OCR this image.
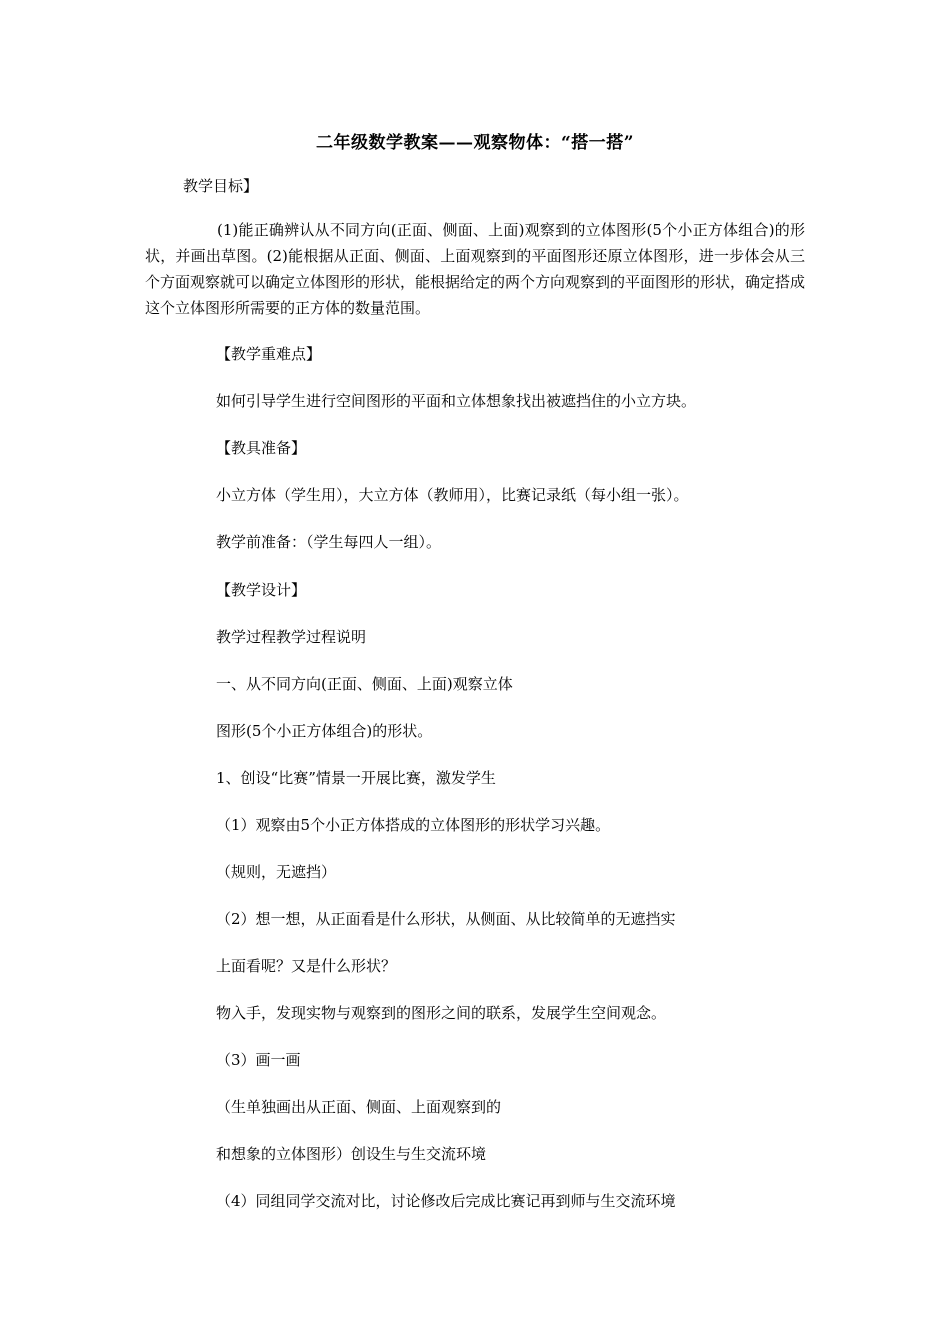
二年级数学教案——观察物体：“搭一搭”
教学目标】
(1)能正确辨认从不同方向(正面、侧面、上面)观察到的立体图形(5个小正方体组合)的形状，并画出草图。(2)能根据从正面、侧面、上面观察到的平面图形还原立体图形，进一步体会从三个方面观察就可以确定立体图形的形状，能根据给定的两个方向观察到的平面图形的形状，确定搭成这个立体图形所需要的正方体的数量范围。
【教学重难点】
如何引导学生进行空间图形的平面和立体想象找出被遮挡住的小立方块。
【教具准备】
小立方体（学生用），大立方体（教师用），比赛记录纸（每小组一张）。
教学前准备：（学生每四人一组）。
【教学设计】
教学过程教学过程说明
一、从不同方向(正面、侧面、上面)观察立体
图形(5个小正方体组合)的形状。
1、创设“比赛”情景一开展比赛，激发学生
（1）观察由5个小正方体搭成的立体图形的形状学习兴趣。
（规则，无遮挡）
（2）想一想，从正面看是什么形状，从侧面、从比较简单的无遮挡实
上面看呢？又是什么形状？
物入手，发现实物与观察到的图形之间的联系，发展学生空间观念。
（3）画一画
（生单独画出从正面、侧面、上面观察到的
和想象的立体图形）创设生与生交流环境
（4）同组同学交流对比，讨论修改后完成比赛记再到师与生交流环境
